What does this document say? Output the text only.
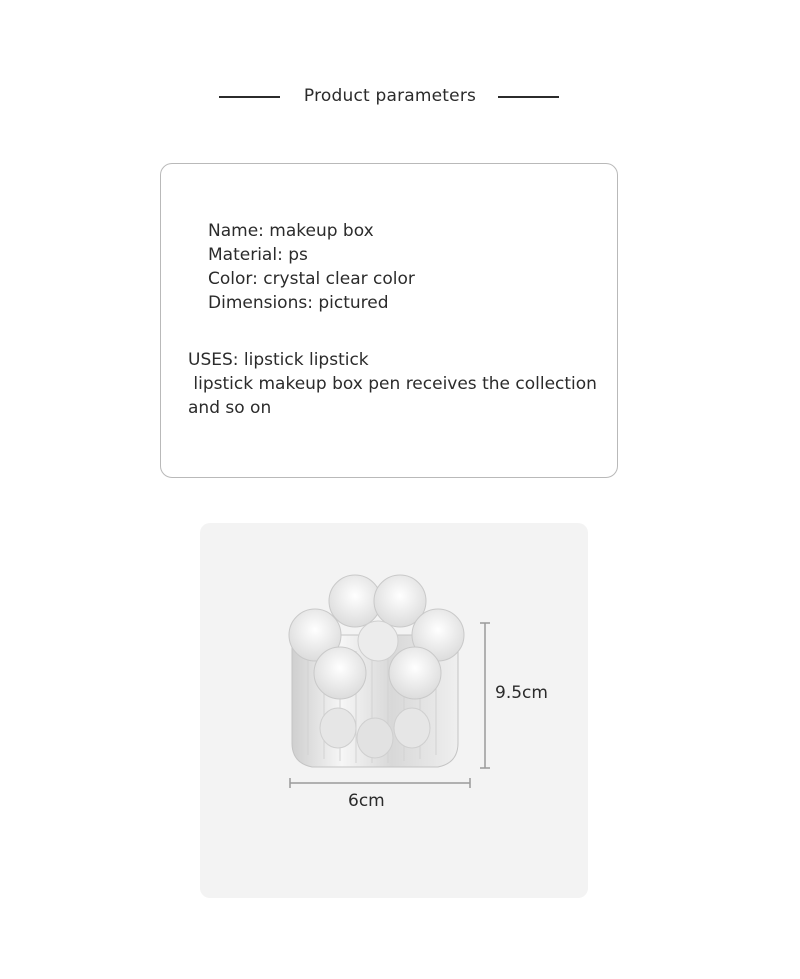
Product parameters
Name: makeup box
Material: ps
Color: crystal clear color
Dimensions: pictured
USES: lipstick lipstick
lipstick makeup box pen receives the collection
and so on
9.5cm
6cm
